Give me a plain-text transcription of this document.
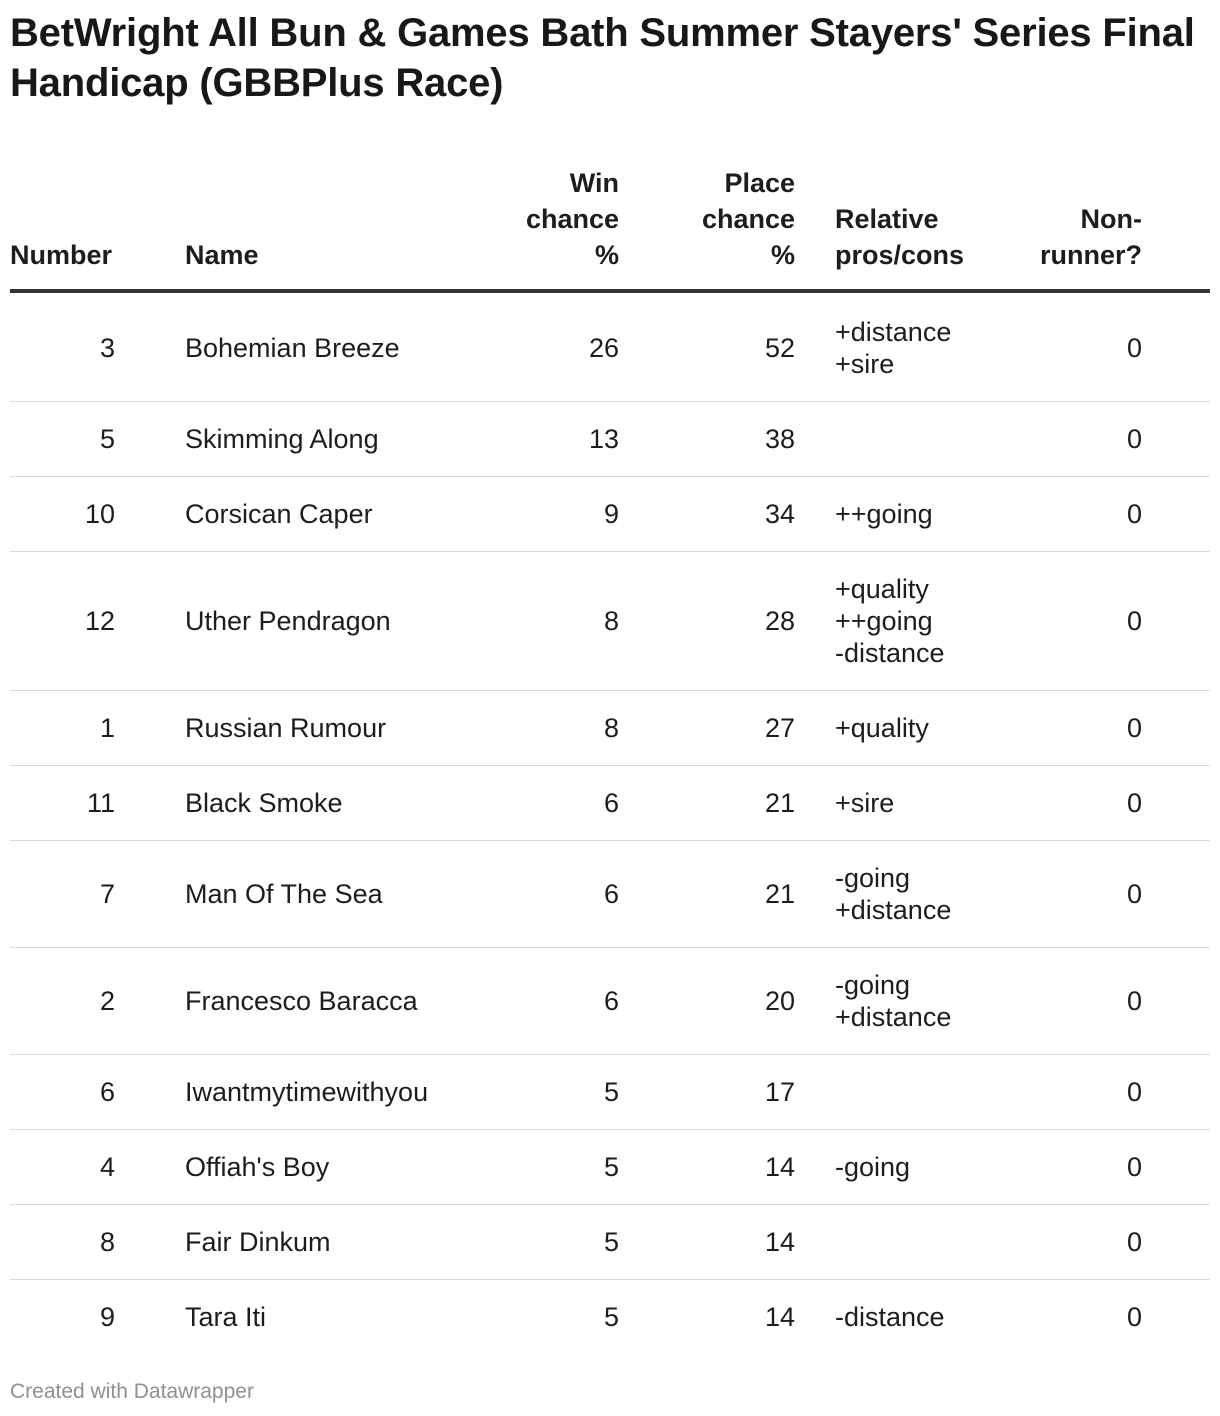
BetWright All Bun & Games Bath Summer Stayers' Series Final Handicap (GBBPlus Race)
Number	Name	Win
chance
%	Place
chance
%	Relative
pros/cons	Non-
runner?	
3	Bohemian Breeze	26	52	+distance
+sire	0	
5	Skimming Along	13	38		0	
10	Corsican Caper	9	34	++going	0	
12	Uther Pendragon	8	28	+quality
++going
-distance	0	
1	Russian Rumour	8	27	+quality	0	
11	Black Smoke	6	21	+sire	0	
7	Man Of The Sea	6	21	-going
+distance	0	
2	Francesco Baracca	6	20	-going
+distance	0	
6	Iwantmytimewithyou	5	17		0	
4	Offiah's Boy	5	14	-going	0	
8	Fair Dinkum	5	14		0	
9	Tara Iti	5	14	-distance	0	
Created with Datawrapper
